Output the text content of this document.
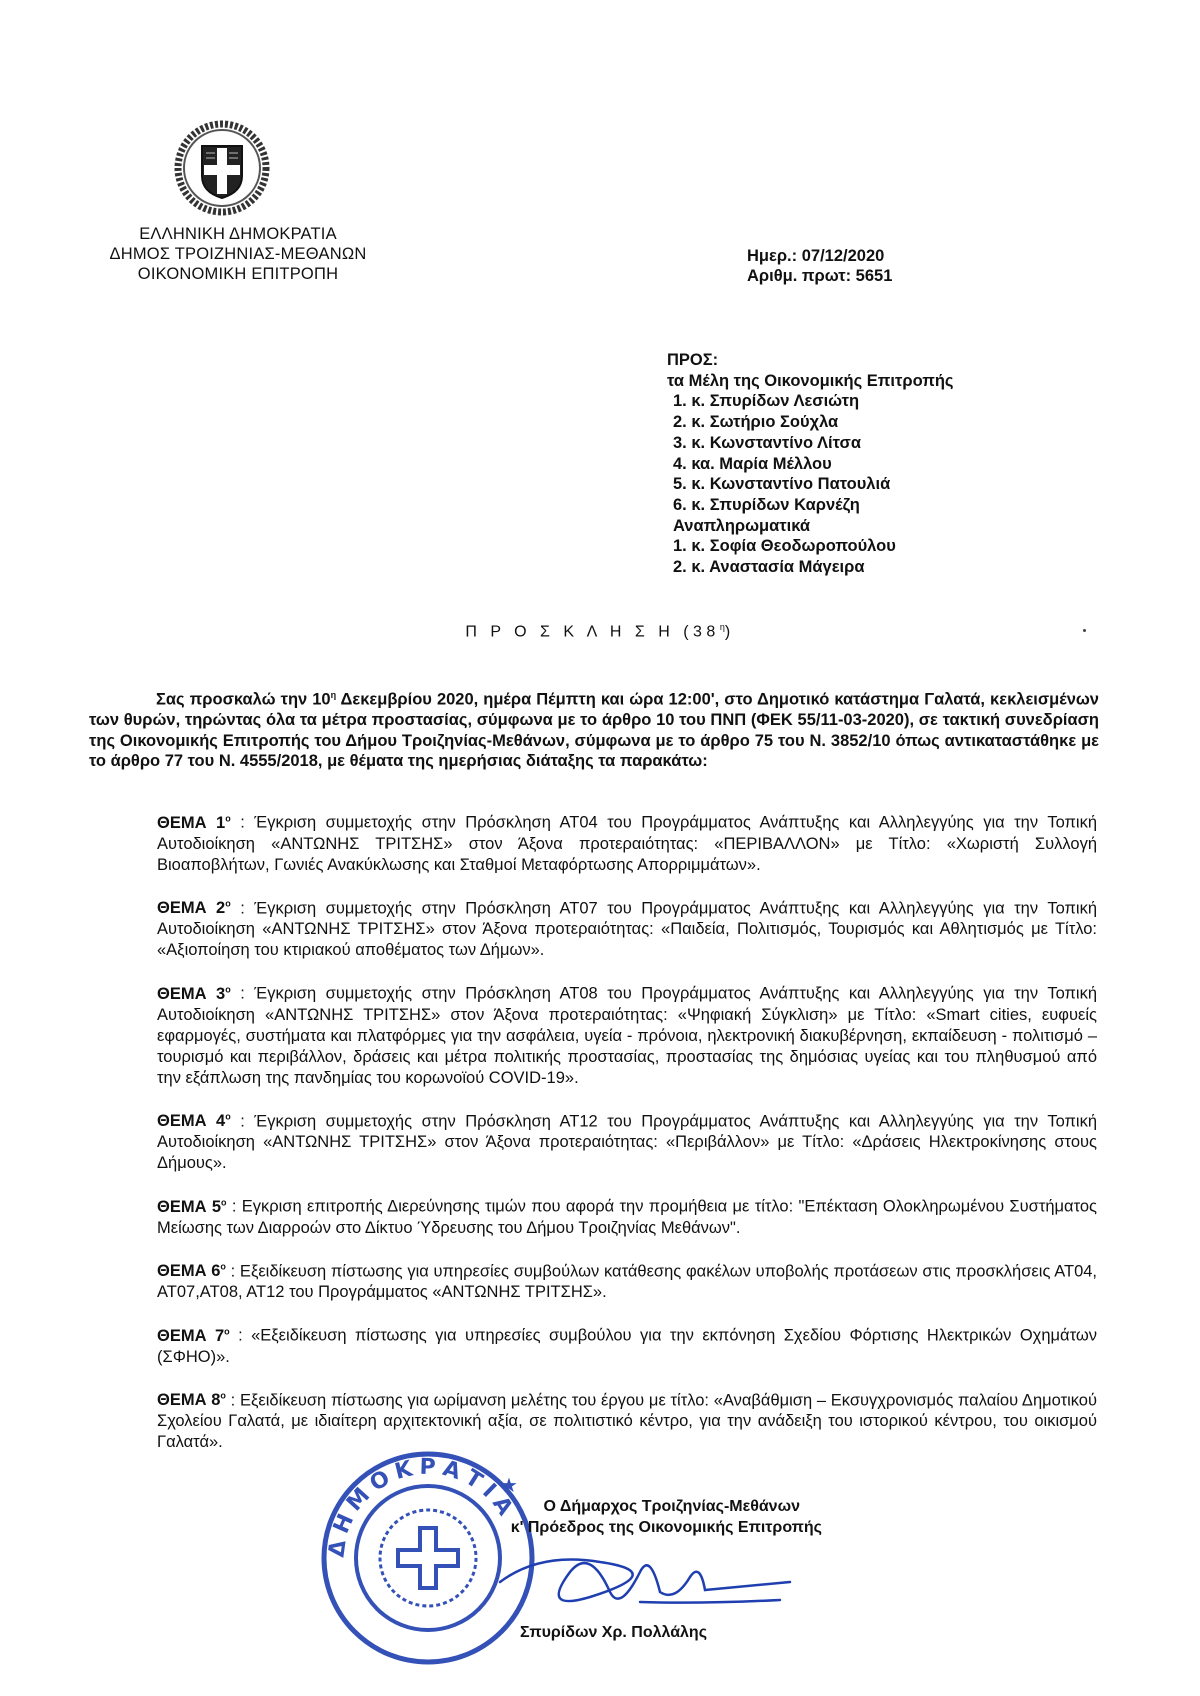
ΕΛΛΗΝΙΚΗ ΔΗΜΟΚΡΑΤΙΑ
ΔΗΜΟΣ ΤΡΟΙΖΗΝΙΑΣ-ΜΕΘΑΝΩΝ
ΟΙΚΟΝΟΜΙΚΗ ΕΠΙΤΡΟΠΗ
Ημερ.: 07/12/2020
Αριθμ. πρωτ: 5651
ΠΡΟΣ:
τα Μέλη της Οικονομικής Επιτροπής
1. κ. Σπυρίδων Λεσιώτη
2. κ. Σωτήριο Σούχλα
3. κ. Κωνσταντίνο Λίτσα
4. κα. Μαρία Μέλλου
5. κ. Κωνσταντίνο Πατουλιά
6. κ. Σπυρίδων Καρνέζη
Αναπληρωματικά
1. κ. Σοφία Θεοδωροπούλου
2. κ. Αναστασία Μάγειρα
Π Ρ Ο Σ Κ Λ Η Σ Η $(38^\eta)$
Σας προσκαλώ την $10^\eta$ Δεκεμβρίου 2020, ημέρα Πέμπτη και ώρα 12:00', στο Δημοτικό κατάστημα Γαλατά, κεκλεισμένων των θυρών, τηρώντας όλα τα μέτρα προστασίας, σύμφωνα με το άρθρο 10 του ΠΝΠ (ΦΕΚ 55/11-03-2020), σε τακτική συνεδρίαση της Οικονομικής Επιτροπής του Δήμου Τροιζηνίας-Μεθάνων, σύμφωνα με το άρθρο 75 του Ν. 3852/10 όπως αντικαταστάθηκε με το άρθρο 77 του Ν. 4555/2018, με θέματα της ημερήσιας διάταξης τα παρακάτω:

ΘΕΜΑ $1^o$ : Έγκριση συμμετοχής στην Πρόσκληση ΑΤ04 του Προγράμματος Ανάπτυξης και Αλληλεγγύης για την Τοπική Αυτοδιοίκηση «ΑΝΤΩΝΗΣ ΤΡΙΤΣΗΣ» στον Άξονα προτεραιότητας: «ΠΕΡΙΒΑΛΛΟΝ» με Τίτλο: «Χωριστή Συλλογή Βιοαποβλήτων, Γωνιές Ανακύκλωσης και Σταθμοί Μεταφόρτωσης Απορριμμάτων».

ΘΕΜΑ $2^o$ : Έγκριση συμμετοχής στην Πρόσκληση ΑΤ07 του Προγράμματος Ανάπτυξης και Αλληλεγγύης για την Τοπική Αυτοδιοίκηση «ΑΝΤΩΝΗΣ ΤΡΙΤΣΗΣ» στον Άξονα προτεραιότητας: «Παιδεία, Πολιτισμός, Τουρισμός και Αθλητισμός με Τίτλο: «Αξιοποίηση του κτιριακού αποθέματος των Δήμων».

ΘΕΜΑ $3^o$ : Έγκριση συμμετοχής στην Πρόσκληση ΑΤ08 του Προγράμματος Ανάπτυξης και Αλληλεγγύης για την Τοπική Αυτοδιοίκηση «ΑΝΤΩΝΗΣ ΤΡΙΤΣΗΣ» στον Άξονα προτεραιότητας: «Ψηφιακή Σύγκλιση» με Τίτλο: «Smart cities, ευφυείς εφαρμογές, συστήματα και πλατφόρμες για την ασφάλεια, υγεία - πρόνοια, ηλεκτρονική διακυβέρνηση, εκπαίδευση - πολιτισμό – τουρισμό και περιβάλλον, δράσεις και μέτρα πολιτικής προστασίας, προστασίας της δημόσιας υγείας και του πληθυσμού από την εξάπλωση της πανδημίας του κορωνοϊού COVID-19».

ΘΕΜΑ $4^o$ : Έγκριση συμμετοχής στην Πρόσκληση ΑΤ12 του Προγράμματος Ανάπτυξης και Αλληλεγγύης για την Τοπική Αυτοδιοίκηση «ΑΝΤΩΝΗΣ ΤΡΙΤΣΗΣ» στον Άξονα προτεραιότητας: «Περιβάλλον» με Τίτλο: «Δράσεις Ηλεκτροκίνησης στους Δήμους».

ΘΕΜΑ $5^o$ : Εγκριση επιτροπής Διερεύνησης τιμών που αφορά την προμήθεια με τίτλο: "Επέκταση Ολοκληρωμένου Συστήματος Μείωσης των Διαρροών στο Δίκτυο Ύδρευσης του Δήμου Τροιζηνίας Μεθάνων".

ΘΕΜΑ $6^o$ : Εξειδίκευση πίστωσης για υπηρεσίες συμβούλων κατάθεσης φακέλων υποβολής προτάσεων στις προσκλήσεις ΑΤ04, ΑΤ07,ΑΤ08, ΑΤ12 του Προγράμματος «ΑΝΤΩΝΗΣ ΤΡΙΤΣΗΣ».

ΘΕΜΑ $7^o$ : «Εξειδίκευση πίστωσης για υπηρεσίες συμβούλου για την εκπόνηση Σχεδίου Φόρτισης Ηλεκτρικών Οχημάτων (ΣΦΗΟ)».

ΘΕΜΑ $8^o$ : Εξειδίκευση πίστωσης για ωρίμανση μελέτης του έργου με τίτλο: «Αναβάθμιση – Εκσυγχρονισμός παλαίου Δημοτικού Σχολείου Γαλατά, με ιδιαίτερη αρχιτεκτονική αξία, σε πολιτιστικό κέντρο, για την ανάδειξη του ιστορικού κέντρου, του οικισμού Γαλατά».

★
ΔΗΜΟΚΡΑΤΙΑ	Ο Δήμαρχος Τροιζηνίας-Μεθάνων
κ' Πρόεδρος της Οικονομικής Επιτροπής
Σπυρίδων Χρ. Πολλάλης
